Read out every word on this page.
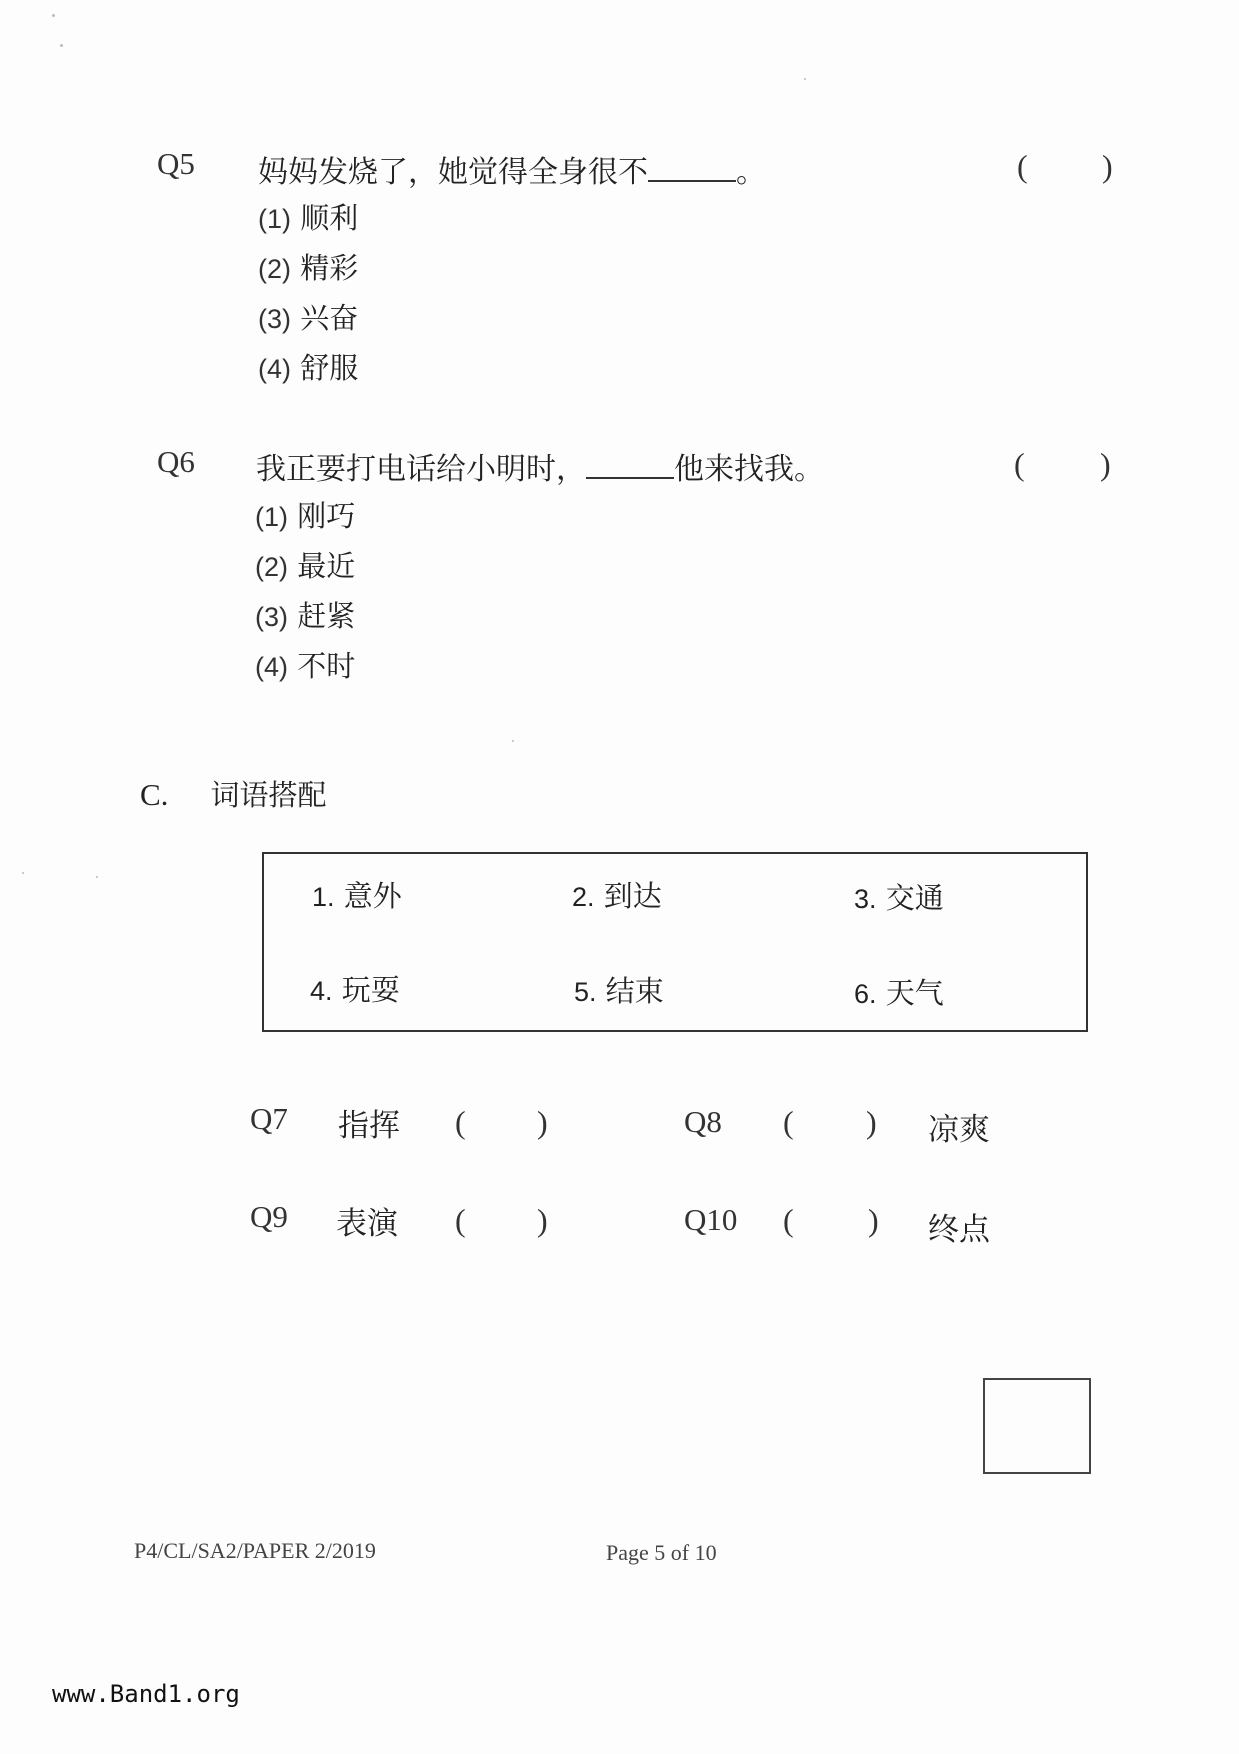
Q5 妈妈发烧了，她觉得全身很不	。	( )
(1) 顺利
(2) 精彩
(3) 兴奋
(4) 舒服
Q6 我正要打电话给小明时，	他来找我。	( )
(1) 刚巧
(2) 最近
(3) 赶紧
(4) 不时
C. 词语搭配
1. 意外	2. 到达	3. 交通
4. 玩耍	5. 结束	6. 天气
Q7 指挥 ( )	Q8 ( ) 凉爽
Q9 表演 ( )	Q10 ( ) 终点
P4/CL/SA2/PAPER 2/2019	Page 5 of 10
www.Band1.org
